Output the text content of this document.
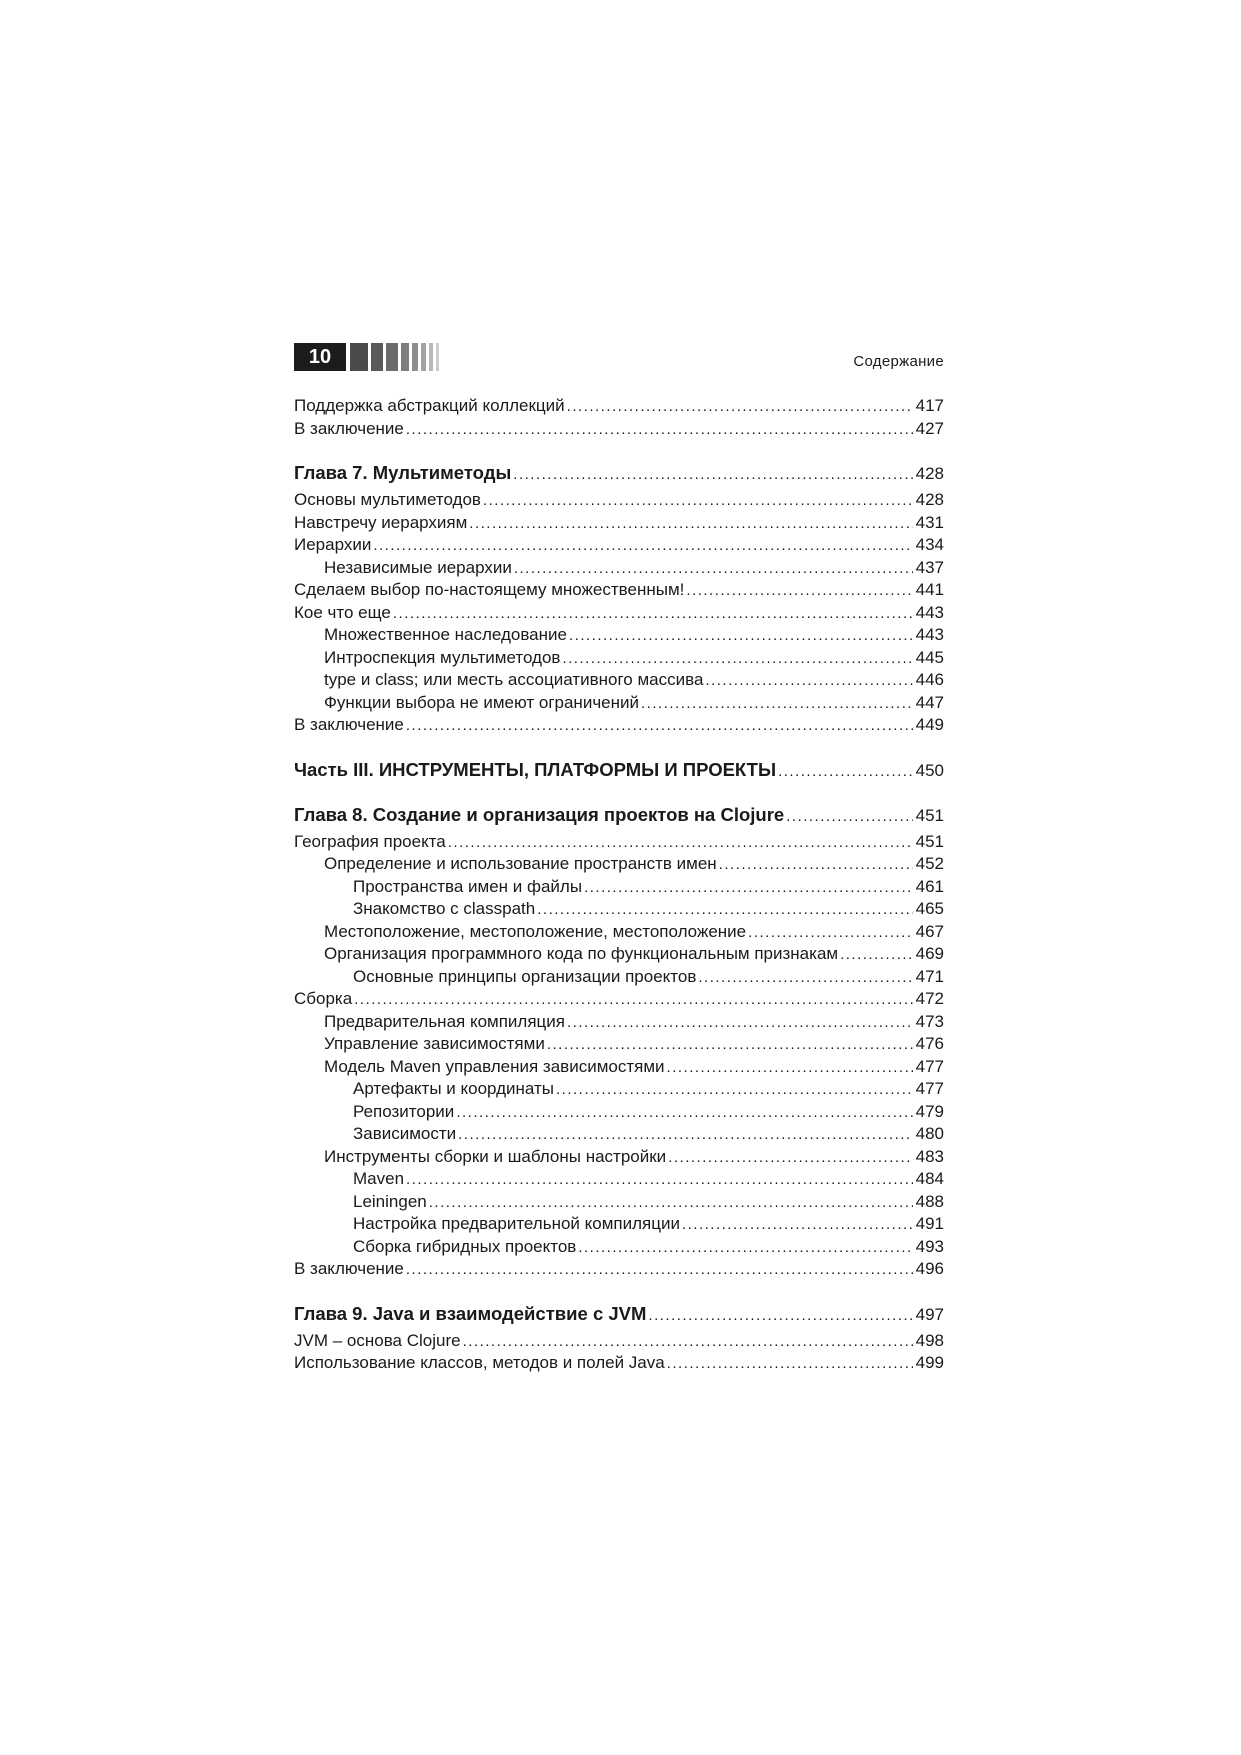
10	Содержание
Поддержка абстракций коллекций .....	417
В заключение .....	427
Глава 7. Мультиметоды .....	428
Основы мультиметодов .....	428
Навстречу иерархиям .....	431
Иерархии .....	434
Независимые иерархии .....	437
Сделаем выбор по-настоящему множественным! .....	441
Кое что еще .....	443
Множественное наследование .....	443
Интроспекция мультиметодов .....	445
type и class; или месть ассоциативного массива .....	446
Функции выбора не имеют ограничений .....	447
В заключение .....	449
Часть III. ИНСТРУМЕНТЫ, ПЛАТФОРМЫ И ПРОЕКТЫ .....	450
Глава 8. Создание и организация проектов на Clojure .....	451
География проекта .....	451
Определение и использование пространств имен .....	452
Пространства имен и файлы .....	461
Знакомство с classpath .....	465
Местоположение, местоположение, местоположение .....	467
Организация программного кода по функциональным признакам .....	469
Основные принципы организации проектов .....	471
Сборка .....	472
Предварительная компиляция .....	473
Управление зависимостями .....	476
Модель Maven управления зависимостями .....	477
Артефакты и координаты .....	477
Репозитории .....	479
Зависимости .....	480
Инструменты сборки и шаблоны настройки .....	483
Maven .....	484
Leiningen .....	488
Настройка предварительной компиляции .....	491
Сборка гибридных проектов .....	493
В заключение .....	496
Глава 9. Java и взаимодействие с JVM .....	497
JVM – основа Clojure .....	498
Использование классов, методов и полей Java .....	499
